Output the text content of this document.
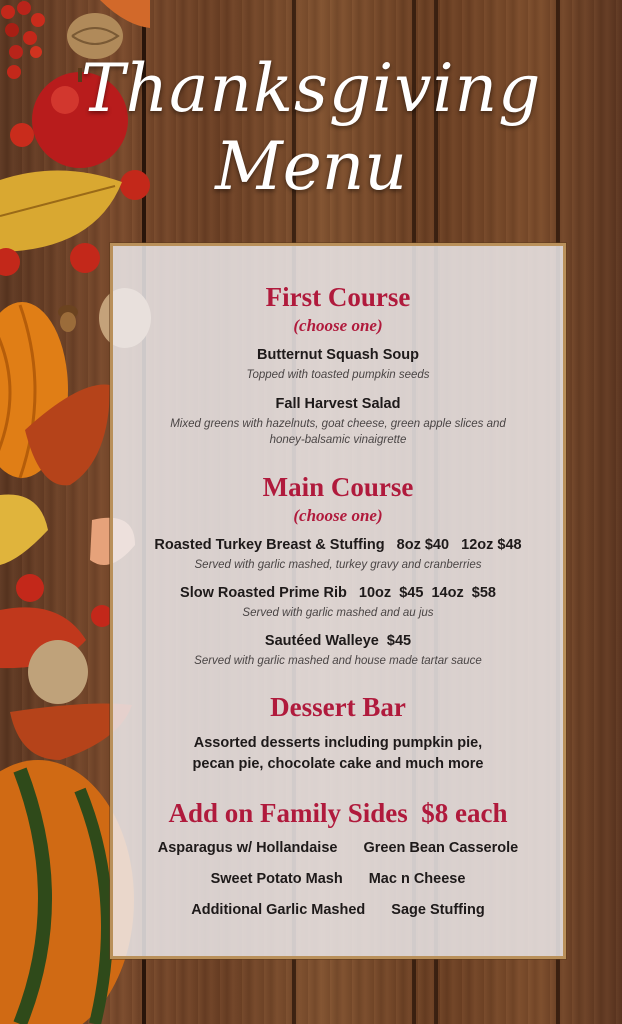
Thanksgiving
Menu
First Course
(choose one)
Butternut Squash Soup
Topped with toasted pumpkin seeds
Fall Harvest Salad
Mixed greens with hazelnuts, goat cheese, green apple slices and
honey-balsamic vinaigrette
Main Course
(choose one)
Roasted Turkey Breast & Stuffing   8oz $40   12oz $48
Served with garlic mashed, turkey gravy and cranberries
Slow Roasted Prime Rib   10oz  $45  14oz  $58
Served with garlic mashed and au jus
Sautéed Walleye  $45
Served with garlic mashed and house made tartar sauce
Dessert Bar
Assorted desserts including pumpkin pie,
pecan pie, chocolate cake and much more
Add on Family Sides  $8 each
Asparagus w/ Hollandaise Green Bean Casserole
Sweet Potato Mash Mac n Cheese
Additional Garlic Mashed Sage Stuffing
